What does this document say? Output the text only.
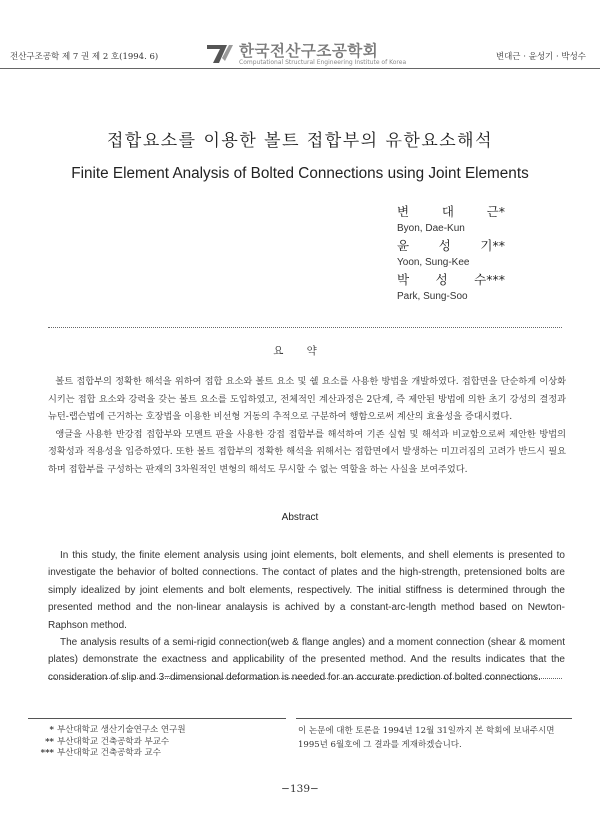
전산구조공학 제 7 권 제 2 호(1994. 6)	한국전산구조공학회
Computational Structural Engineering Institute of Korea	변대근 · 윤성기 · 박성수
접합요소를 이용한 볼트 접합부의 유한요소해석
Finite Element Analysis of Bolted Connections using Joint Elements
변	대	근*
Byon, Dae-Kun
윤 성 기**
Yoon, Sung-Kee
박 성 수***
Park, Sung-Soo
요 약

볼트 접합부의 정확한 해석을 위하여 접합 요소와 볼트 요소 및 쉘 요소를 사용한 방법을 개발하였다. 접합면을 단순하게 이상화시키는 접합 요소와 강력을 갖는 볼트 요소를 도입하였고, 전체적인 계산과정은 2단계, 즉 제안된 방법에 의한 초기 강성의 결정과 뉴턴-랩슨법에 근거하는 호장법을 이용한 비선형 거동의 추적으로 구분하여 행함으로써 계산의 효율성을 증대시켰다.

앵글을 사용한 반강접 접합부와 모멘트 판을 사용한 강접 접합부를 해석하여 기존 실험 및 해석과 비교함으로써 제안한 방법의 정확성과 적용성을 입증하였다. 또한 볼트 접합부의 정확한 해석을 위해서는 접합면에서 발생하는 미끄러짐의 고려가 반드시 필요하며 접합부를 구성하는 판재의 3차원적인 변형의 해석도 무시할 수 없는 역할을 하는 사실을 보여주었다.

Abstract

In this study, the finite element analysis using joint elements, bolt elements, and shell elements is presented to investigate the behavior of bolted connections. The contact of plates and the high-strength, pretensioned bolts are simply idealized by joint elements and bolt elements, respectively. The initial stiffness is determined through the presented method and the non-linear analaysis is achived by a constant-arc-length method based on Newton-Raphson method.

The analysis results of a semi-rigid connection(web & flange angles) and a moment connection (shear & moment plates) demonstrate the exactness and applicability of the presented method. And the results indicates that the consideration of slip and 3−dimensional deformation is needed for an accurate prediction of bolted connections.

* 부산대학교 생산기술연구소 연구원
** 부산대학교 건축공학과 부교수
*** 부산대학교 건축공학과 교수
이 논문에 대한 토론을 1994년 12월 31일까지 본 학회에 보내주시면 1995년 6월호에 그 결과를 게재하겠습니다.
−139−
